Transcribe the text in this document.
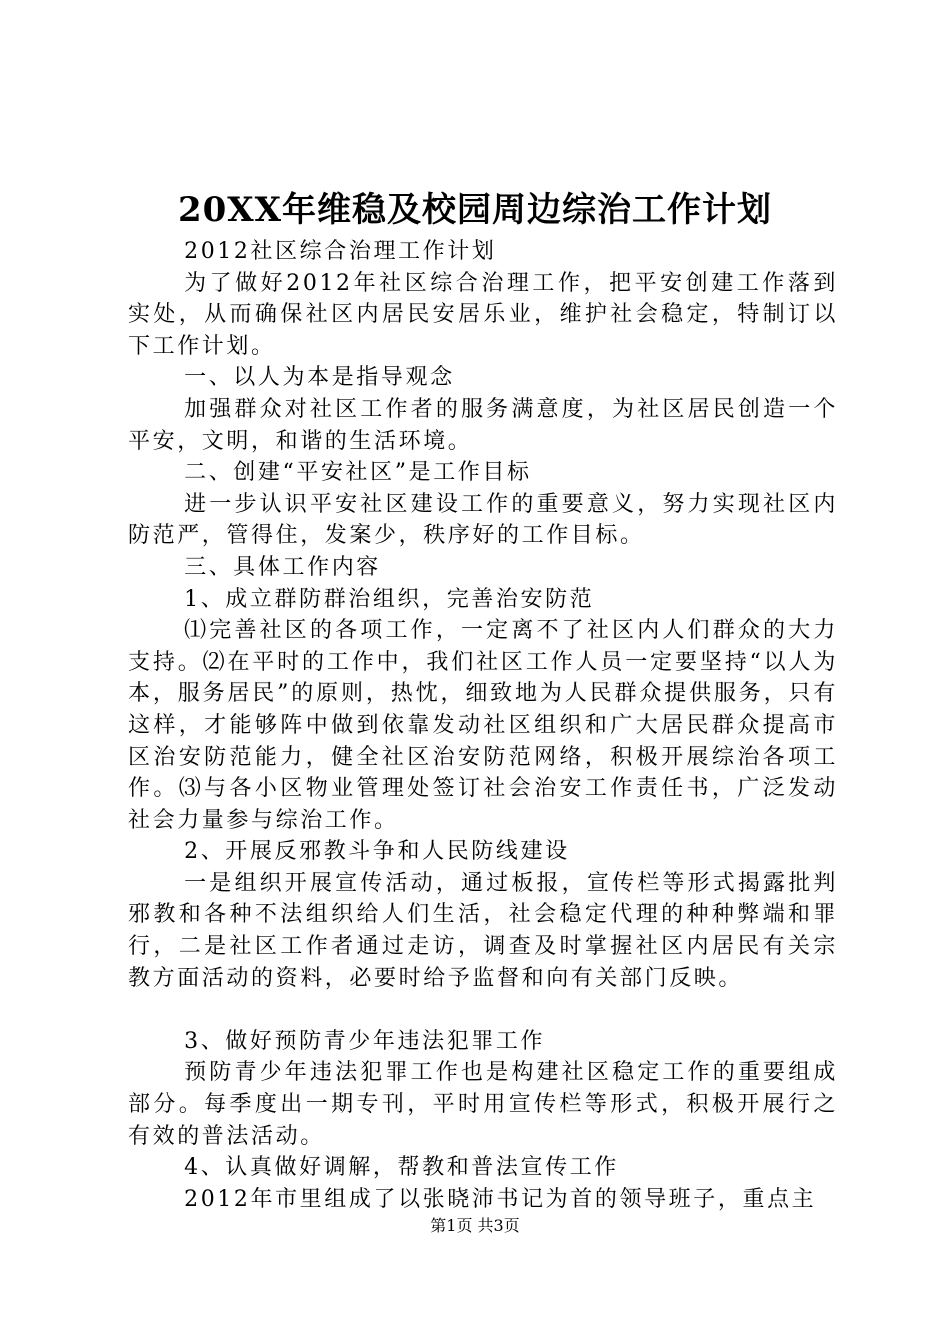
20XX年维稳及校园周边综治工作计划

2012社区综合治理工作计划

为了做好2012年社区综合治理工作，把平安创建工作落到实处，从而确保社区内居民安居乐业，维护社会稳定，特制订以下工作计划。

一、以人为本是指导观念

加强群众对社区工作者的服务满意度，为社区居民创造一个平安，文明，和谐的生活环境。

二、创建“平安社区”是工作目标

进一步认识平安社区建设工作的重要意义，努力实现社区内防范严，管得住，发案少，秩序好的工作目标。

三、具体工作内容

1、成立群防群治组织，完善治安防范

⑴完善社区的各项工作，一定离不了社区内人们群众的大力支持。⑵在平时的工作中，我们社区工作人员一定要坚持“以人为本，服务居民”的原则，热忱，细致地为人民群众提供服务，只有这样，才能够阵中做到依靠发动社区组织和广大居民群众提高市区治安防范能力，健全社区治安防范网络，积极开展综治各项工作。⑶与各小区物业管理处签订社会治安工作责任书，广泛发动社会力量参与综治工作。

2、开展反邪教斗争和人民防线建设

一是组织开展宣传活动，通过板报，宣传栏等形式揭露批判邪教和各种不法组织给人们生活，社会稳定代理的种种弊端和罪行，二是社区工作者通过走访，调查及时掌握社区内居民有关宗教方面活动的资料，必要时给予监督和向有关部门反映。

3、做好预防青少年违法犯罪工作

预防青少年违法犯罪工作也是构建社区稳定工作的重要组成部分。每季度出一期专刊，平时用宣传栏等形式，积极开展行之有效的普法活动。

4、认真做好调解，帮教和普法宣传工作

2012年市里组成了以张晓沛书记为首的领导班子，重点主

第1页 共3页
